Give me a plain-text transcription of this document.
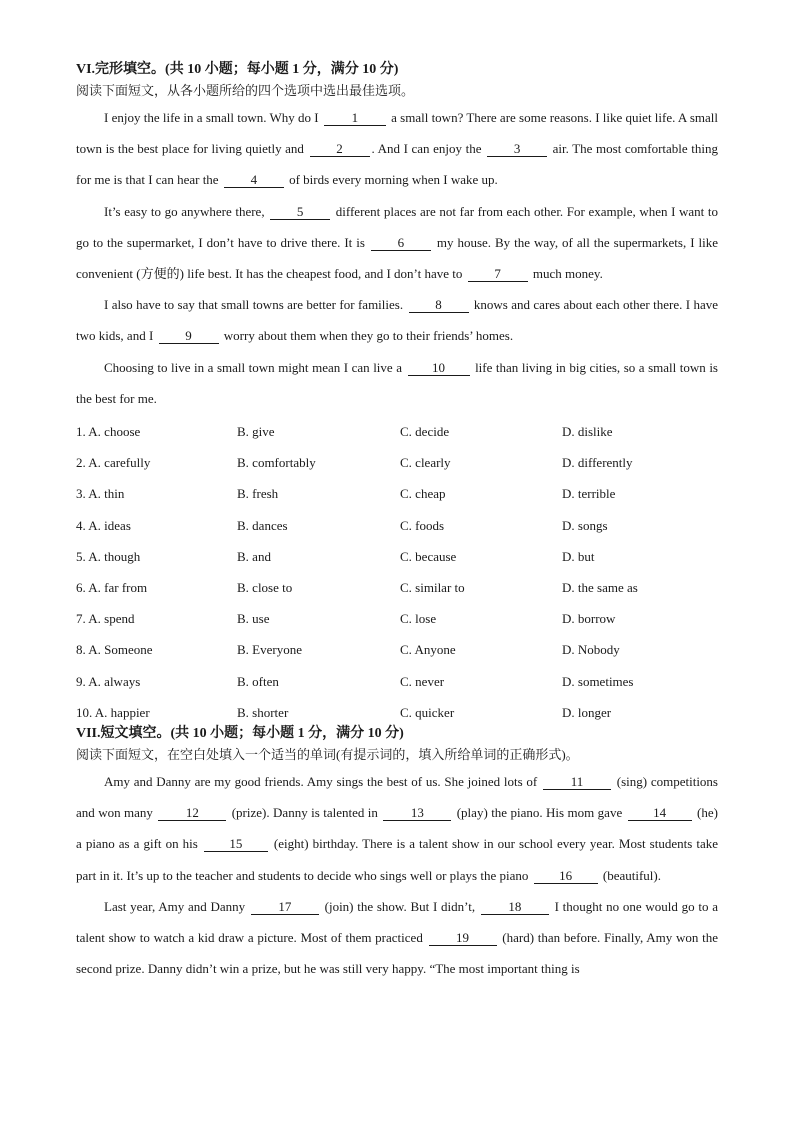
VI.完形填空。(共 10 小题；每小题 1 分，满分 10 分)
阅读下面短文，从各小题所给的四个选项中选出最佳选项。

I enjoy the life in a small town. Why do I 1 a small town? There are some reasons. I like quiet life. A small town is the best place for living quietly and 2 . And I can enjoy the 3 air. The most comfortable thing for me is that I can hear the 4 of birds every morning when I wake up.

It’s easy to go anywhere there, 5 different places are not far from each other. For example, when I want to go to the supermarket, I don’t have to drive there. It is 6 my house. By the way, of all the supermarkets, I like convenient (方便的) life best. It has the cheapest food, and I don’t have to 7 much money.

I also have to say that small towns are better for families. 8 knows and cares about each other there. I have two kids, and I 9 worry about them when they go to their friends’ homes.

Choosing to live in a small town might mean I can live a 10 life than living in big cities, so a small town is the best for me.

1. A. choose	B. give	C. decide	D. dislike
2. A. carefully	B. comfortably	C. clearly	D. differently
3. A. thin	B. fresh	C. cheap	D. terrible
4. A. ideas	B. dances	C. foods	D. songs
5. A. though	B. and	C. because	D. but
6. A. far from	B. close to	C. similar to	D. the same as
7. A. spend	B. use	C. lose	D. borrow
8. A. Someone	B. Everyone	C. Anyone	D. Nobody
9. A. always	B. often	C. never	D. sometimes
10. A. happier	B. shorter	C. quicker	D. longer
VII.短文填空。(共 10 小题；每小题 1 分，满分 10 分)
阅读下面短文，在空白处填入一个适当的单词(有提示词的，填入所给单词的正确形式)。

Amy and Danny are my good friends. Amy sings the best of us. She joined lots of 11 (sing) competitions and won many 12 (prize). Danny is talented in 13 (play) the piano. His mom gave 14 (he) a piano as a gift on his 15 (eight) birthday. There is a talent show in our school every year. Most students take part in it. It’s up to the teacher and students to decide who sings well or plays the piano 16 (beautiful).

Last year, Amy and Danny 17 (join) the show. But I didn’t, 18 I thought no one would go to a talent show to watch a kid draw a picture. Most of them practiced 19 (hard) than before. Finally, Amy won the second prize. Danny didn’t win a prize, but he was still very happy. “The most important thing is
